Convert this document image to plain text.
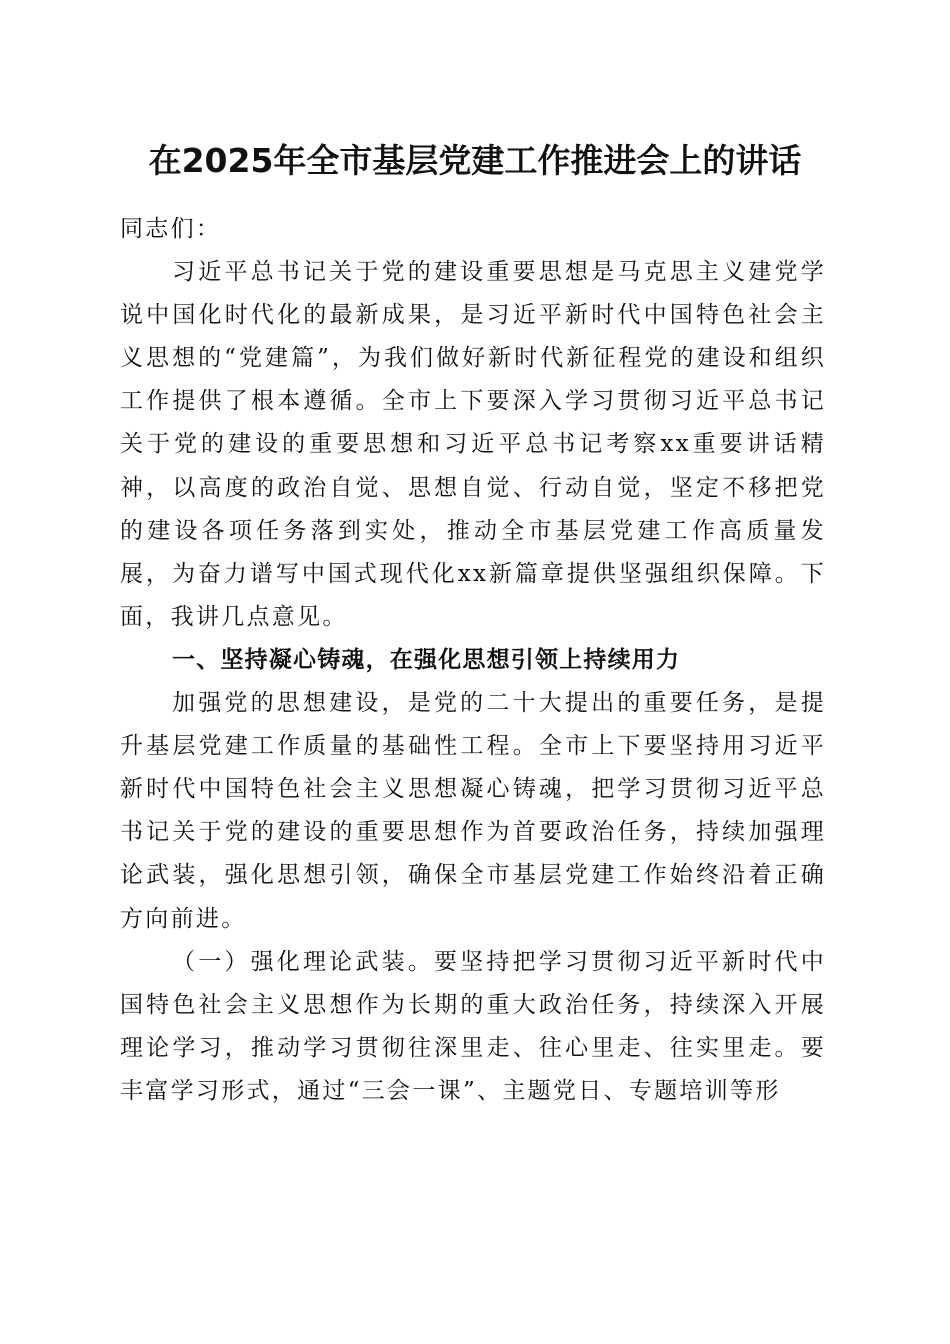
在2025年全市基层党建工作推进会上的讲话

同志们：

习近平总书记关于党的建设重要思想是马克思主义建党学说中国化时代化的最新成果，是习近平新时代中国特色社会主义思想的“党建篇”，为我们做好新时代新征程党的建设和组织工作提供了根本遵循。全市上下要深入学习贯彻习近平总书记关于党的建设的重要思想和习近平总书记考察xx重要讲话精神，以高度的政治自觉、思想自觉、行动自觉，坚定不移把党的建设各项任务落到实处，推动全市基层党建工作高质量发展，为奋力谱写中国式现代化xx新篇章提供坚强组织保障。下面，我讲几点意见。

一、坚持凝心铸魂，在强化思想引领上持续用力

加强党的思想建设，是党的二十大提出的重要任务，是提升基层党建工作质量的基础性工程。全市上下要坚持用习近平新时代中国特色社会主义思想凝心铸魂，把学习贯彻习近平总书记关于党的建设的重要思想作为首要政治任务，持续加强理论武装，强化思想引领，确保全市基层党建工作始终沿着正确方向前进。

（一）强化理论武装。要坚持把学习贯彻习近平新时代中国特色社会主义思想作为长期的重大政治任务，持续深入开展理论学习，推动学习贯彻往深里走、往心里走、往实里走。要丰富学习形式，通过“三会一课”、主题党日、专题培训等形
